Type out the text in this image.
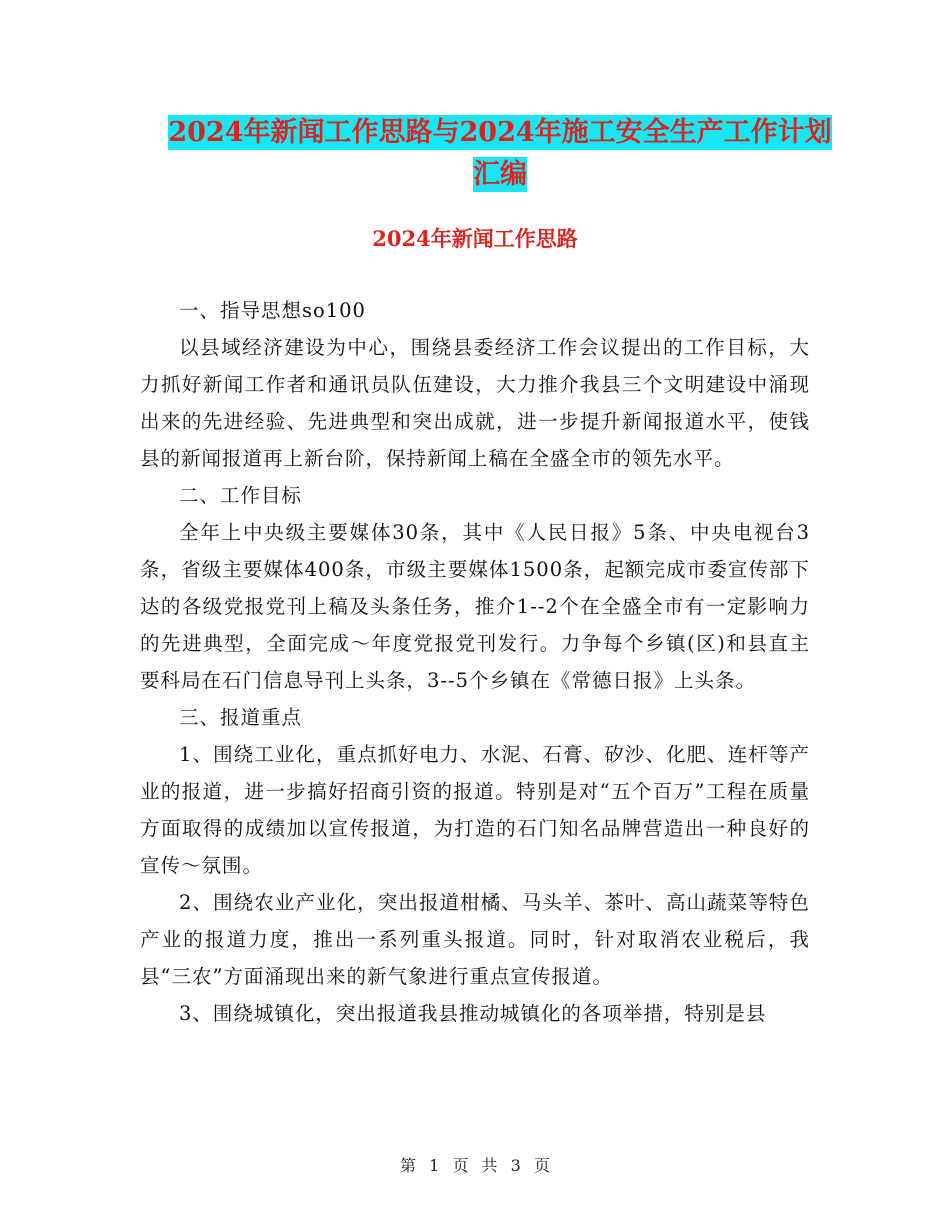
2024年新闻工作思路与2024年施工安全生产工作计划
汇编
2024年新闻工作思路

一、指导思想so100

以县域经济建设为中心，围绕县委经济工作会议提出的工作目标，大力抓好新闻工作者和通讯员队伍建设，大力推介我县三个文明建设中涌现出来的先进经验、先进典型和突出成就，进一步提升新闻报道水平，使钱县的新闻报道再上新台阶，保持新闻上稿在全盛全市的领先水平。

二、工作目标

全年上中央级主要媒体30条，其中《人民日报》5条、中央电视台3条，省级主要媒体400条，市级主要媒体1500条，起额完成市委宣传部下达的各级党报党刊上稿及头条任务，推介1--2个在全盛全市有一定影响力的先进典型，全面完成～年度党报党刊发行。力争每个乡镇(区)和县直主要科局在石门信息导刊上头条，3--5个乡镇在《常德日报》上头条。

三、报道重点

1、围绕工业化，重点抓好电力、水泥、石膏、矽沙、化肥、连杆等产业的报道，进一步搞好招商引资的报道。特别是对“五个百万”工程在质量方面取得的成绩加以宣传报道，为打造的石门知名品牌营造出一种良好的宣传～氛围。

2、围绕农业产业化，突出报道柑橘、马头羊、茶叶、高山蔬菜等特色产业的报道力度，推出一系列重头报道。同时，针对取消农业税后，我县“三农”方面涌现出来的新气象进行重点宣传报道。

3、围绕城镇化，突出报道我县推动城镇化的各项举措，特别是县

第 1 页 共 3 页
